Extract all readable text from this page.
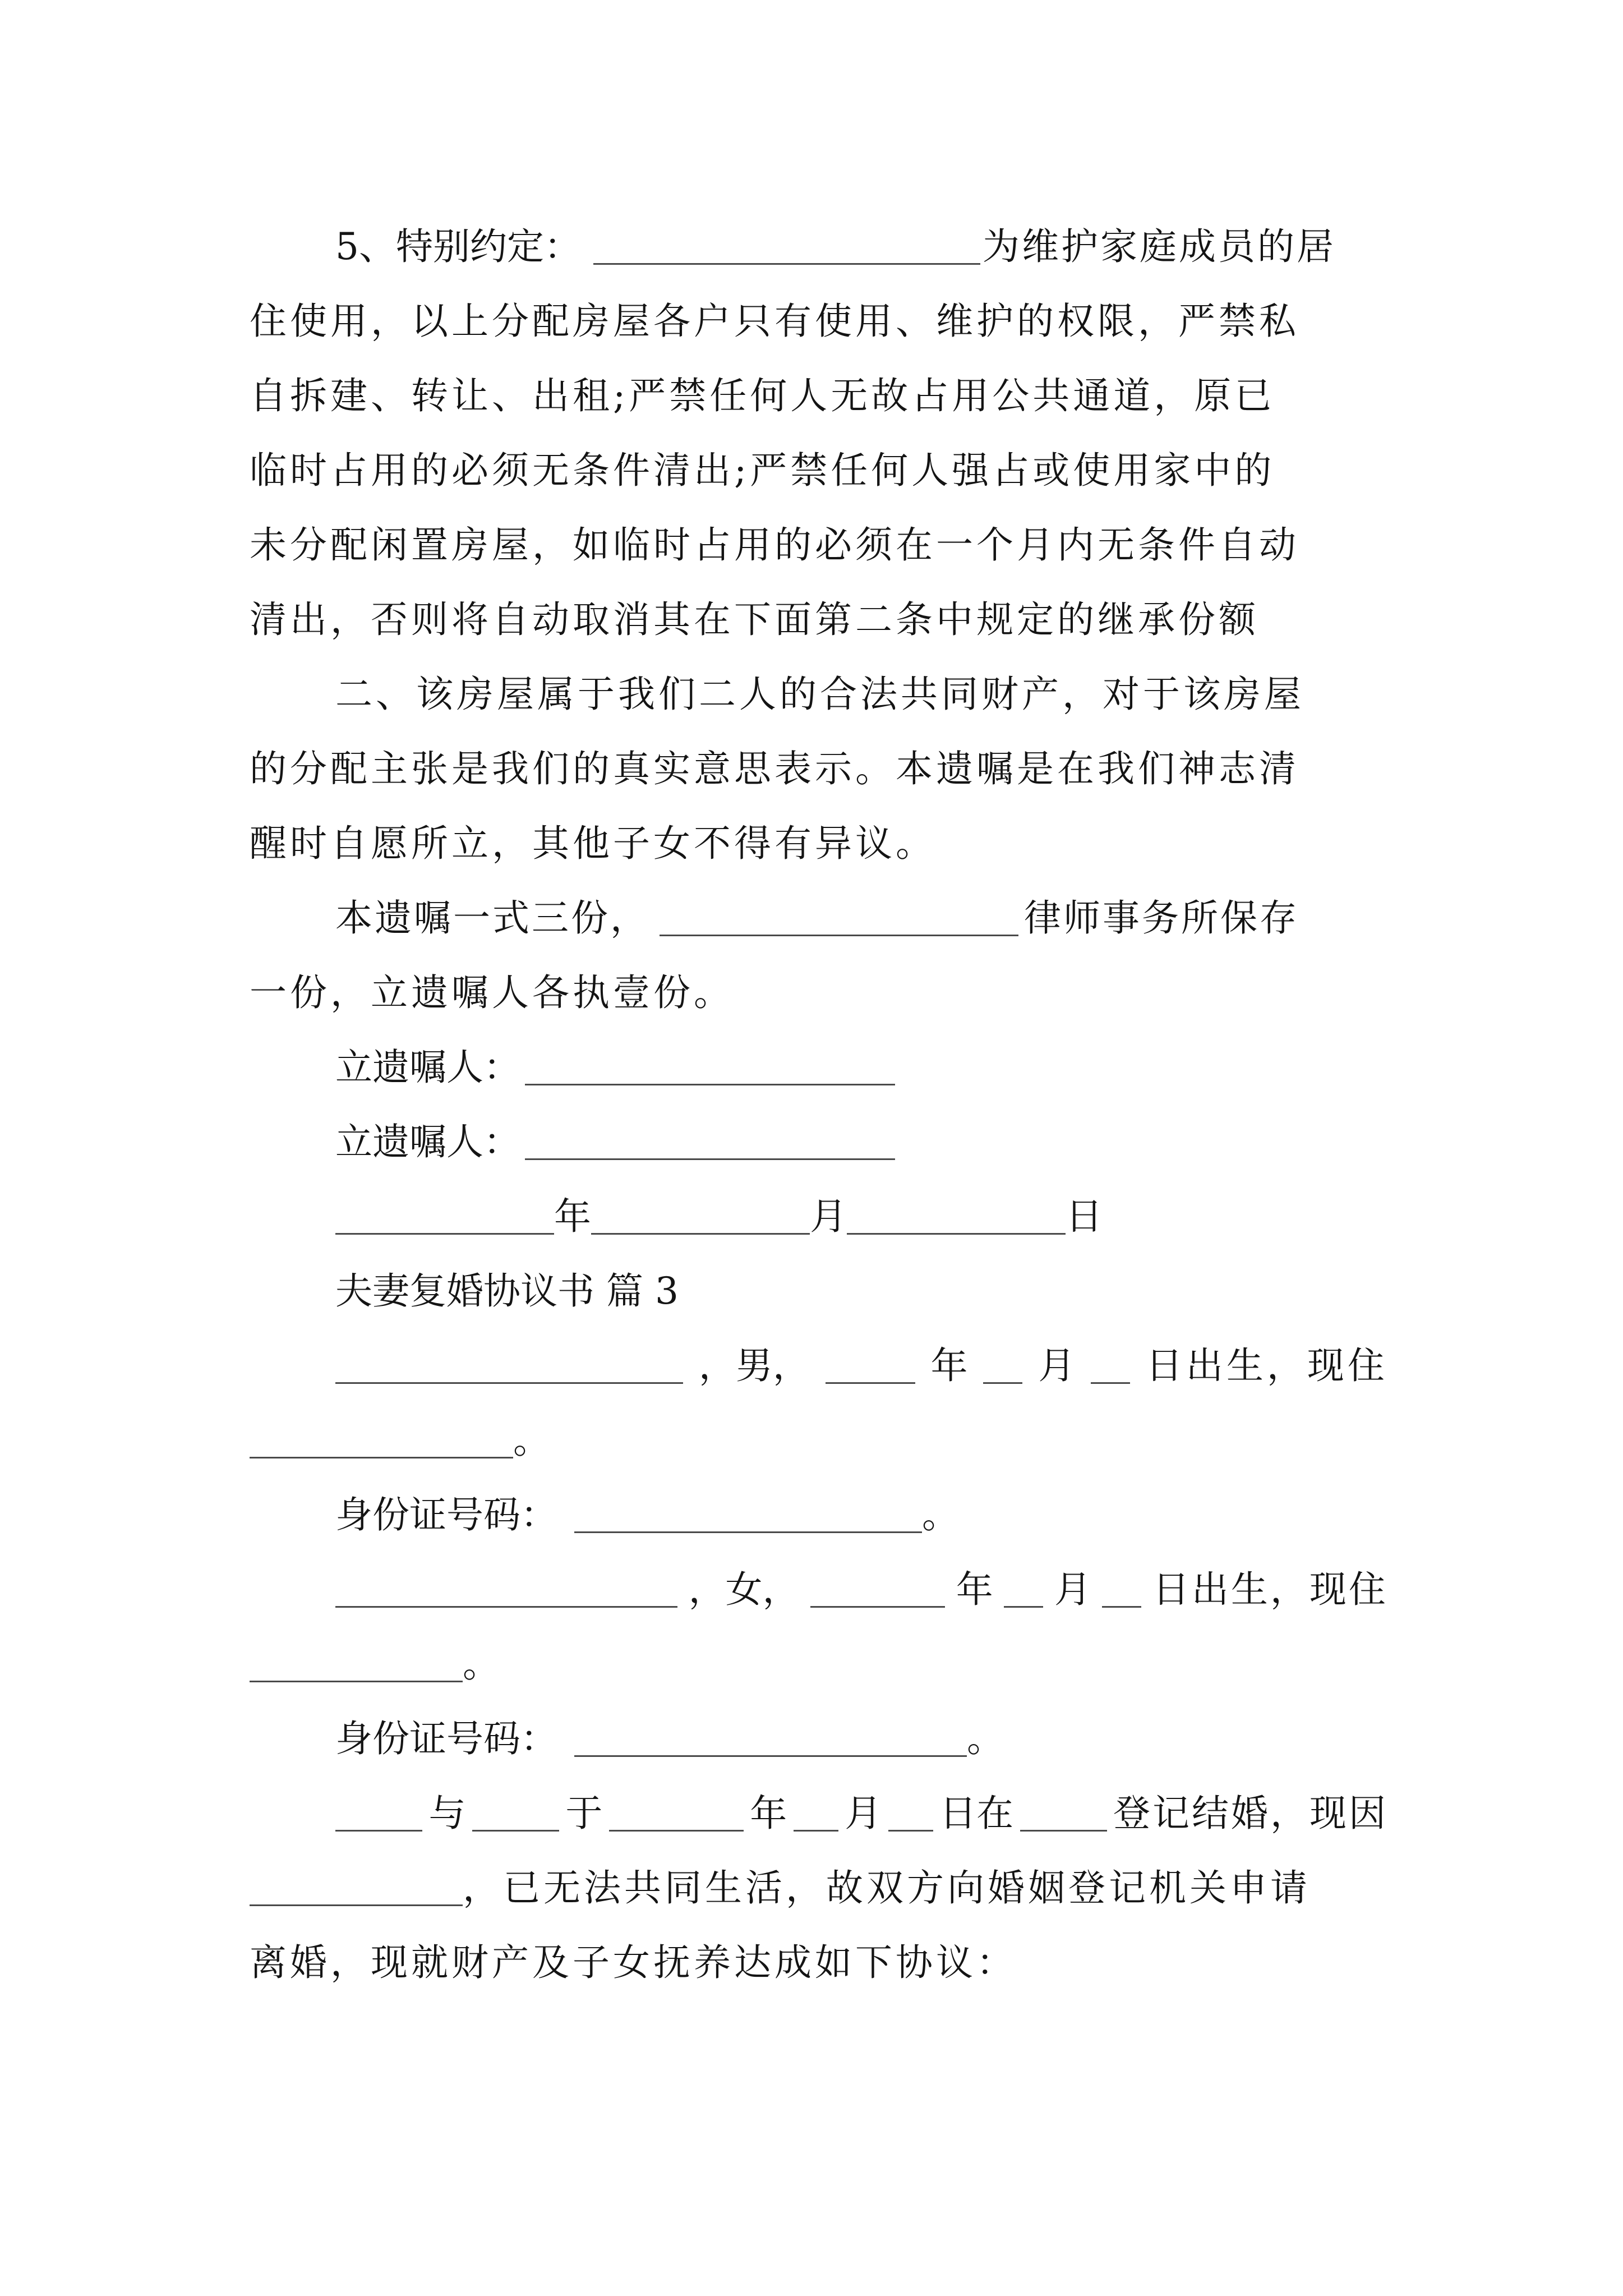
5、特别约定：	为维护家庭成员的居
住使用，以上分配房屋各户只有使用、维护的权限，严禁私
自拆建、转让、出租;严禁任何人无故占用公共通道，原已
临时占用的必须无条件清出;严禁任何人强占或使用家中的
未分配闲置房屋，如临时占用的必须在一个月内无条件自动
清出，否则将自动取消其在下面第二条中规定的继承份额
二、该房屋属于我们二人的合法共同财产，对于该房屋
的分配主张是我们的真实意思表示。本遗嘱是在我们神志清
醒时自愿所立，其他子女不得有异议。
本遗嘱一式三份，	律师事务所保存
一份，立遗嘱人各执壹份。
立遗嘱人：
立遗嘱人：
年	月	日
夫妻复婚协议书 篇 3
，男，	年 月 日出生，现住
。
身份证号码：	。
，女，	年 月 日出生，现住
。
身份证号码：	。
与	于	年 月 日在	登记结婚，现因
，已无法共同生活，故双方向婚姻登记机关申请
离婚，现就财产及子女抚养达成如下协议：
